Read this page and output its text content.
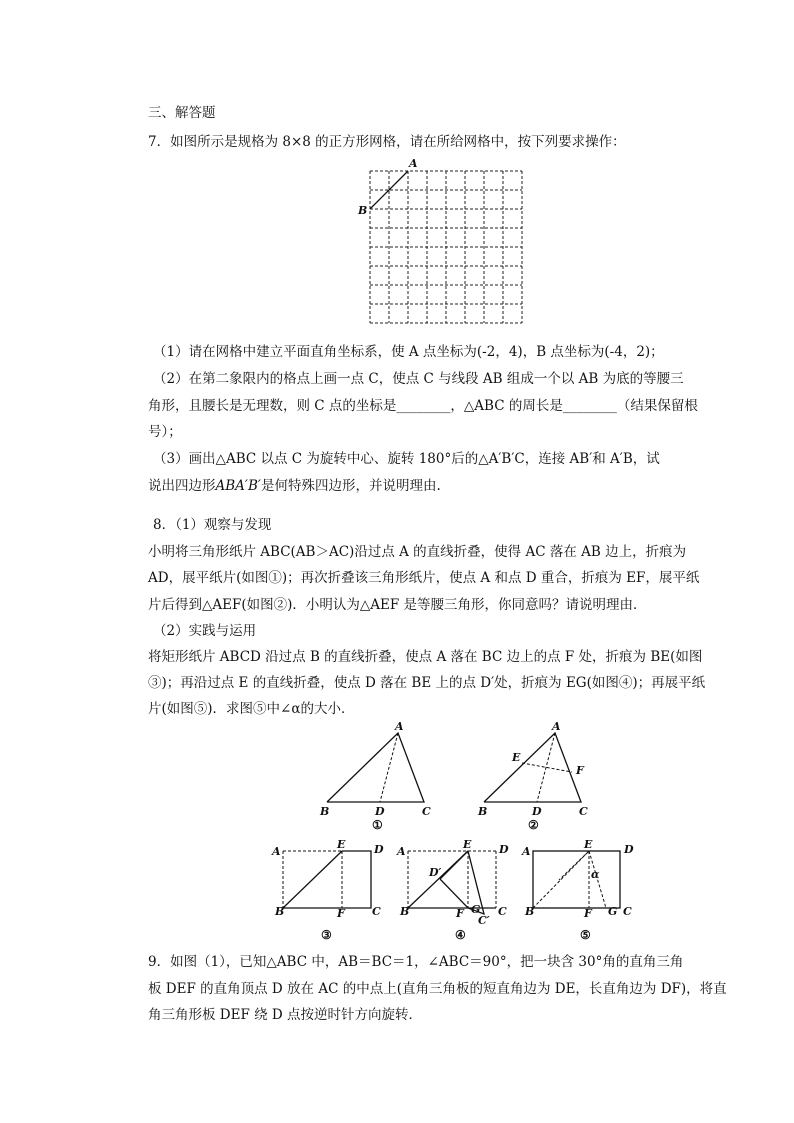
三、解答题
7．如图所示是规格为 8×8 的正方形网格，请在所给网格中，按下列要求操作：
A
B
（1）请在网格中建立平面直角坐标系，使 A 点坐标为(-2，4)，B 点坐标为(-4，2)；
（2）在第二象限内的格点上画一点 C，使点 C 与线段 AB 组成一个以 AB 为底的等腰三
角形，且腰长是无理数，则 C 点的坐标是________，△ABC 的周长是________（结果保留根
号）；
（3）画出△ABC 以点 C 为旋转中心、旋转 180°后的△A′B′C，连接 AB′和 A′B，试
说出四边形ABA′B′是何特殊四边形，并说明理由.
8．（1）观察与发现
小明将三角形纸片 ABC(AB＞AC)沿过点 A 的直线折叠，使得 AC 落在 AB 边上，折痕为
AD，展平纸片(如图①)；再次折叠该三角形纸片，使点 A 和点 D 重合，折痕为 EF，展平纸
片后得到△AEF(如图②)．小明认为△AEF 是等腰三角形，你同意吗？请说明理由．
（2）实践与运用
将矩形纸片 ABCD 沿过点 B 的直线折叠，使点 A 落在 BC 边上的点 F 处，折痕为 BE(如图
③)；再沿过点 E 的直线折叠，使点 D 落在 BE 上的点 D′处，折痕为 EG(如图④)；再展平纸
片(如图⑤)．求图⑤中∠α的大小．
A
B	D	C
①
A
E
F
B	D	C
②
A
E	D
B	F C
③
A
E	D
D′
B	F G
C′
C
④
A
E
α
D
B	F G C
⑤
9．如图（1），已知△ABC 中，AB＝BC＝1，∠ABC＝90°，把一块含 30°角的直角三角
板 DEF 的直角顶点 D 放在 AC 的中点上(直角三角板的短直角边为 DE，长直角边为 DF)，将直
角三角形板 DEF 绕 D 点按逆时针方向旋转．
